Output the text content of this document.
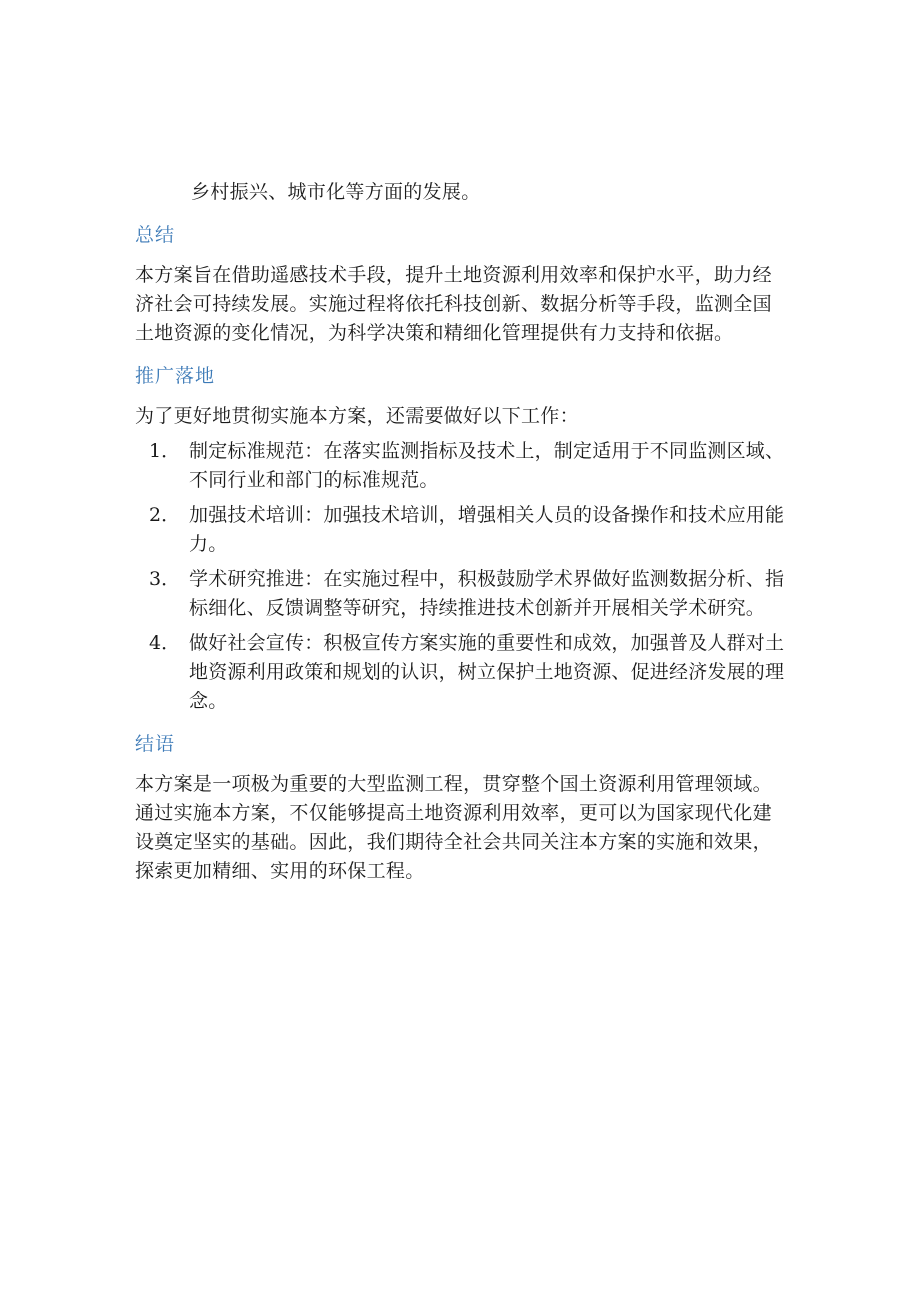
乡村振兴、城市化等方面的发展。

总结

本方案旨在借助遥感技术手段，提升土地资源利用效率和保护水平，助力经济社会可持续发展。实施过程将依托科技创新、数据分析等手段，监测全国土地资源的变化情况，为科学决策和精细化管理提供有力支持和依据。

推广落地

为了更好地贯彻实施本方案，还需要做好以下工作：

1． 制定标准规范：在落实监测指标及技术上，制定适用于不同监测区域、不同行业和部门的标准规范。
2． 加强技术培训：加强技术培训，增强相关人员的设备操作和技术应用能力。
3． 学术研究推进：在实施过程中，积极鼓励学术界做好监测数据分析、指标细化、反馈调整等研究，持续推进技术创新并开展相关学术研究。
4． 做好社会宣传：积极宣传方案实施的重要性和成效，加强普及人群对土地资源利用政策和规划的认识，树立保护土地资源、促进经济发展的理念。
结语

本方案是一项极为重要的大型监测工程，贯穿整个国土资源利用管理领域。通过实施本方案，不仅能够提高土地资源利用效率，更可以为国家现代化建设奠定坚实的基础。因此，我们期待全社会共同关注本方案的实施和效果，探索更加精细、实用的环保工程。
